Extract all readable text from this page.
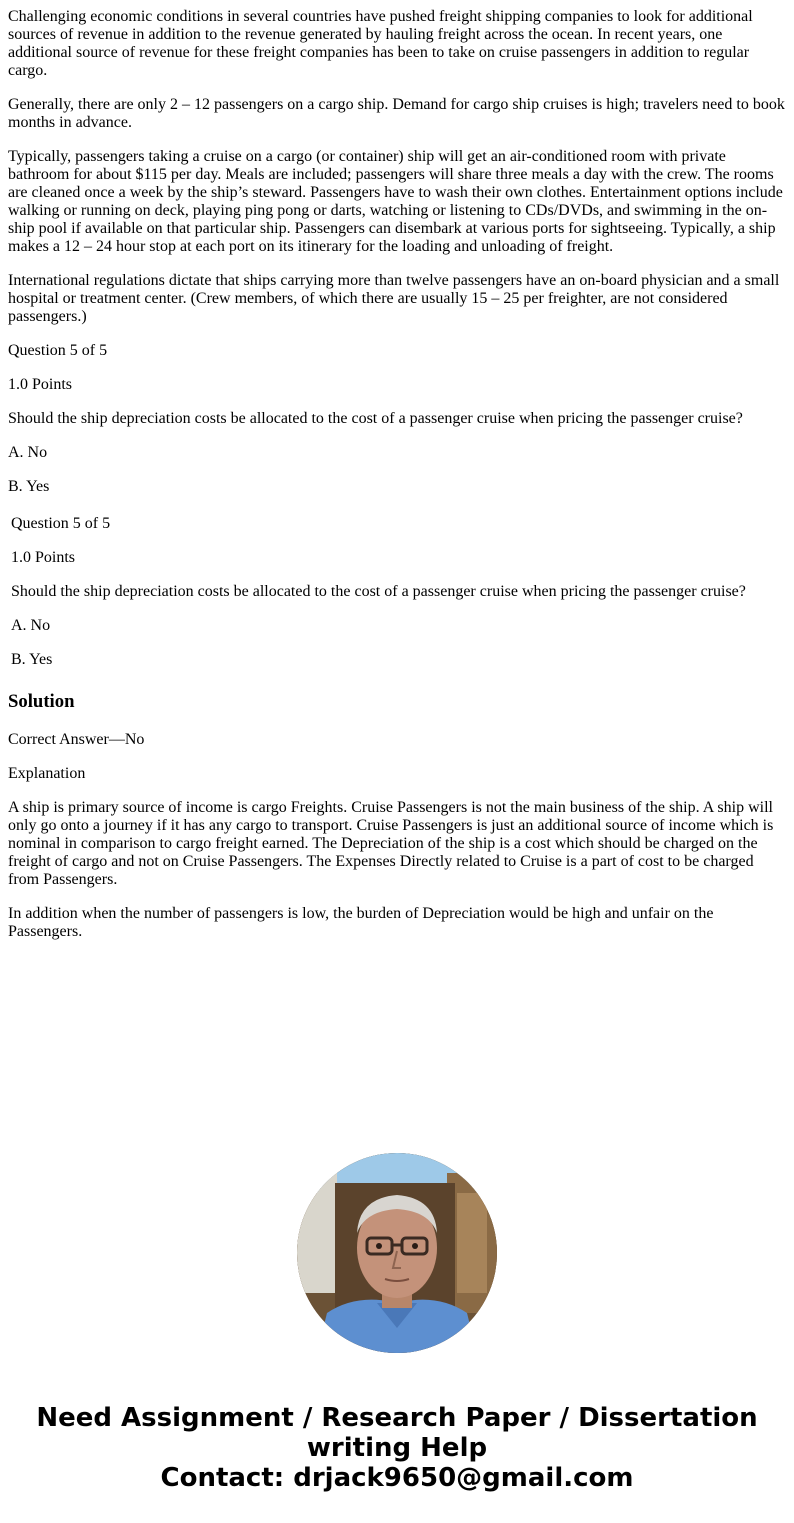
Challenging economic conditions in several countries have pushed freight shipping companies to look for additional sources of revenue in addition to the revenue generated by hauling freight across the ocean. In recent years, one additional source of revenue for these freight companies has been to take on cruise passengers in addition to regular cargo.

Generally, there are only 2 – 12 passengers on a cargo ship. Demand for cargo ship cruises is high; travelers need to book months in advance.

Typically, passengers taking a cruise on a cargo (or container) ship will get an air-conditioned room with private bathroom for about $115 per day. Meals are included; passengers will share three meals a day with the crew. The rooms are cleaned once a week by the ship’s steward. Passengers have to wash their own clothes. Entertainment options include walking or running on deck, playing ping pong or darts, watching or listening to CDs/DVDs, and swimming in the on-ship pool if available on that particular ship. Passengers can disembark at various ports for sightseeing. Typically, a ship makes a 12 – 24 hour stop at each port on its itinerary for the loading and unloading of freight.

International regulations dictate that ships carrying more than twelve passengers have an on-board physician and a small hospital or treatment center. (Crew members, of which there are usually 15 – 25 per freighter, are not considered passengers.)

Question 5 of 5

1.0 Points

Should the ship depreciation costs be allocated to the cost of a passenger cruise when pricing the passenger cruise?

A. No

B. Yes

Question 5 of 5

1.0 Points

Should the ship depreciation costs be allocated to the cost of a passenger cruise when pricing the passenger cruise?

A. No

B. Yes

Solution

Correct Answer—No

Explanation

A ship is primary source of income is cargo Freights. Cruise Passengers is not the main business of the ship. A ship will only go onto a journey if it has any cargo to transport. Cruise Passengers is just an additional source of income which is nominal in comparison to cargo freight earned. The Depreciation of the ship is a cost which should be charged on the freight of cargo and not on Cruise Passengers. The Expenses Directly related to Cruise is a part of cost to be charged from Passengers.

In addition when the number of passengers is low, the burden of Depreciation would be high and unfair on the Passengers.

Need Assignment / Research Paper / Dissertation
writing Help
Contact: drjack9650@gmail.com
